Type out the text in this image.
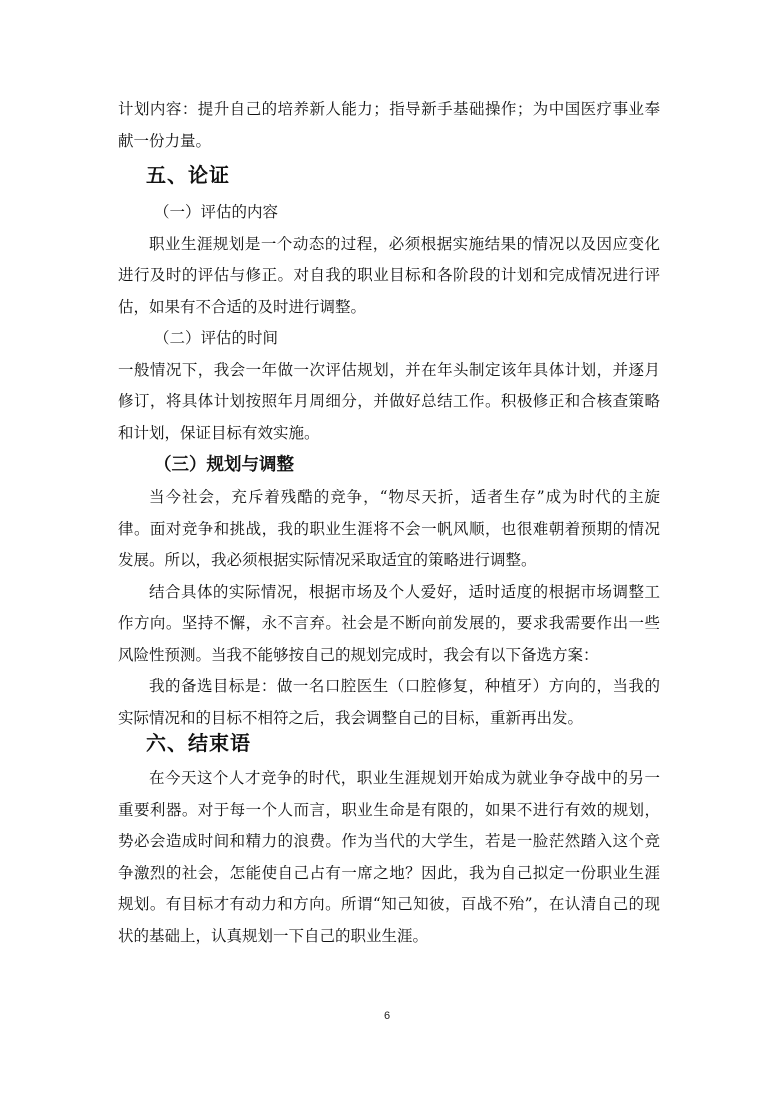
计划内容：提升自己的培养新人能力；指导新手基础操作；为中国医疗事业奉献一份力量。

五、论证

（一）评估的内容

职业生涯规划是一个动态的过程，必须根据实施结果的情况以及因应变化进行及时的评估与修正。对自我的职业目标和各阶段的计划和完成情况进行评估，如果有不合适的及时进行调整。

（二）评估的时间

一般情况下，我会一年做一次评估规划，并在年头制定该年具体计划，并逐月修订，将具体计划按照年月周细分，并做好总结工作。积极修正和合核查策略和计划，保证目标有效实施。

（三）规划与调整

当今社会，充斥着残酷的竞争，“物尽天折，适者生存”成为时代的主旋律。面对竞争和挑战，我的职业生涯将不会一帆风顺，也很难朝着预期的情况发展。所以，我必须根据实际情况采取适宜的策略进行调整。

结合具体的实际情况，根据市场及个人爱好，适时适度的根据市场调整工作方向。坚持不懈，永不言弃。社会是不断向前发展的，要求我需要作出一些风险性预测。当我不能够按自己的规划完成时，我会有以下备选方案：

我的备选目标是：做一名口腔医生（口腔修复，种植牙）方向的，当我的实际情况和的目标不相符之后，我会调整自己的目标，重新再出发。

六、结束语

在今天这个人才竞争的时代，职业生涯规划开始成为就业争夺战中的另一重要利器。对于每一个人而言，职业生命是有限的，如果不进行有效的规划，势必会造成时间和精力的浪费。作为当代的大学生，若是一脸茫然踏入这个竞争激烈的社会，怎能使自己占有一席之地？因此，我为自己拟定一份职业生涯规划。有目标才有动力和方向。所谓“知己知彼，百战不殆”，在认清自己的现状的基础上，认真规划一下自己的职业生涯。

6
